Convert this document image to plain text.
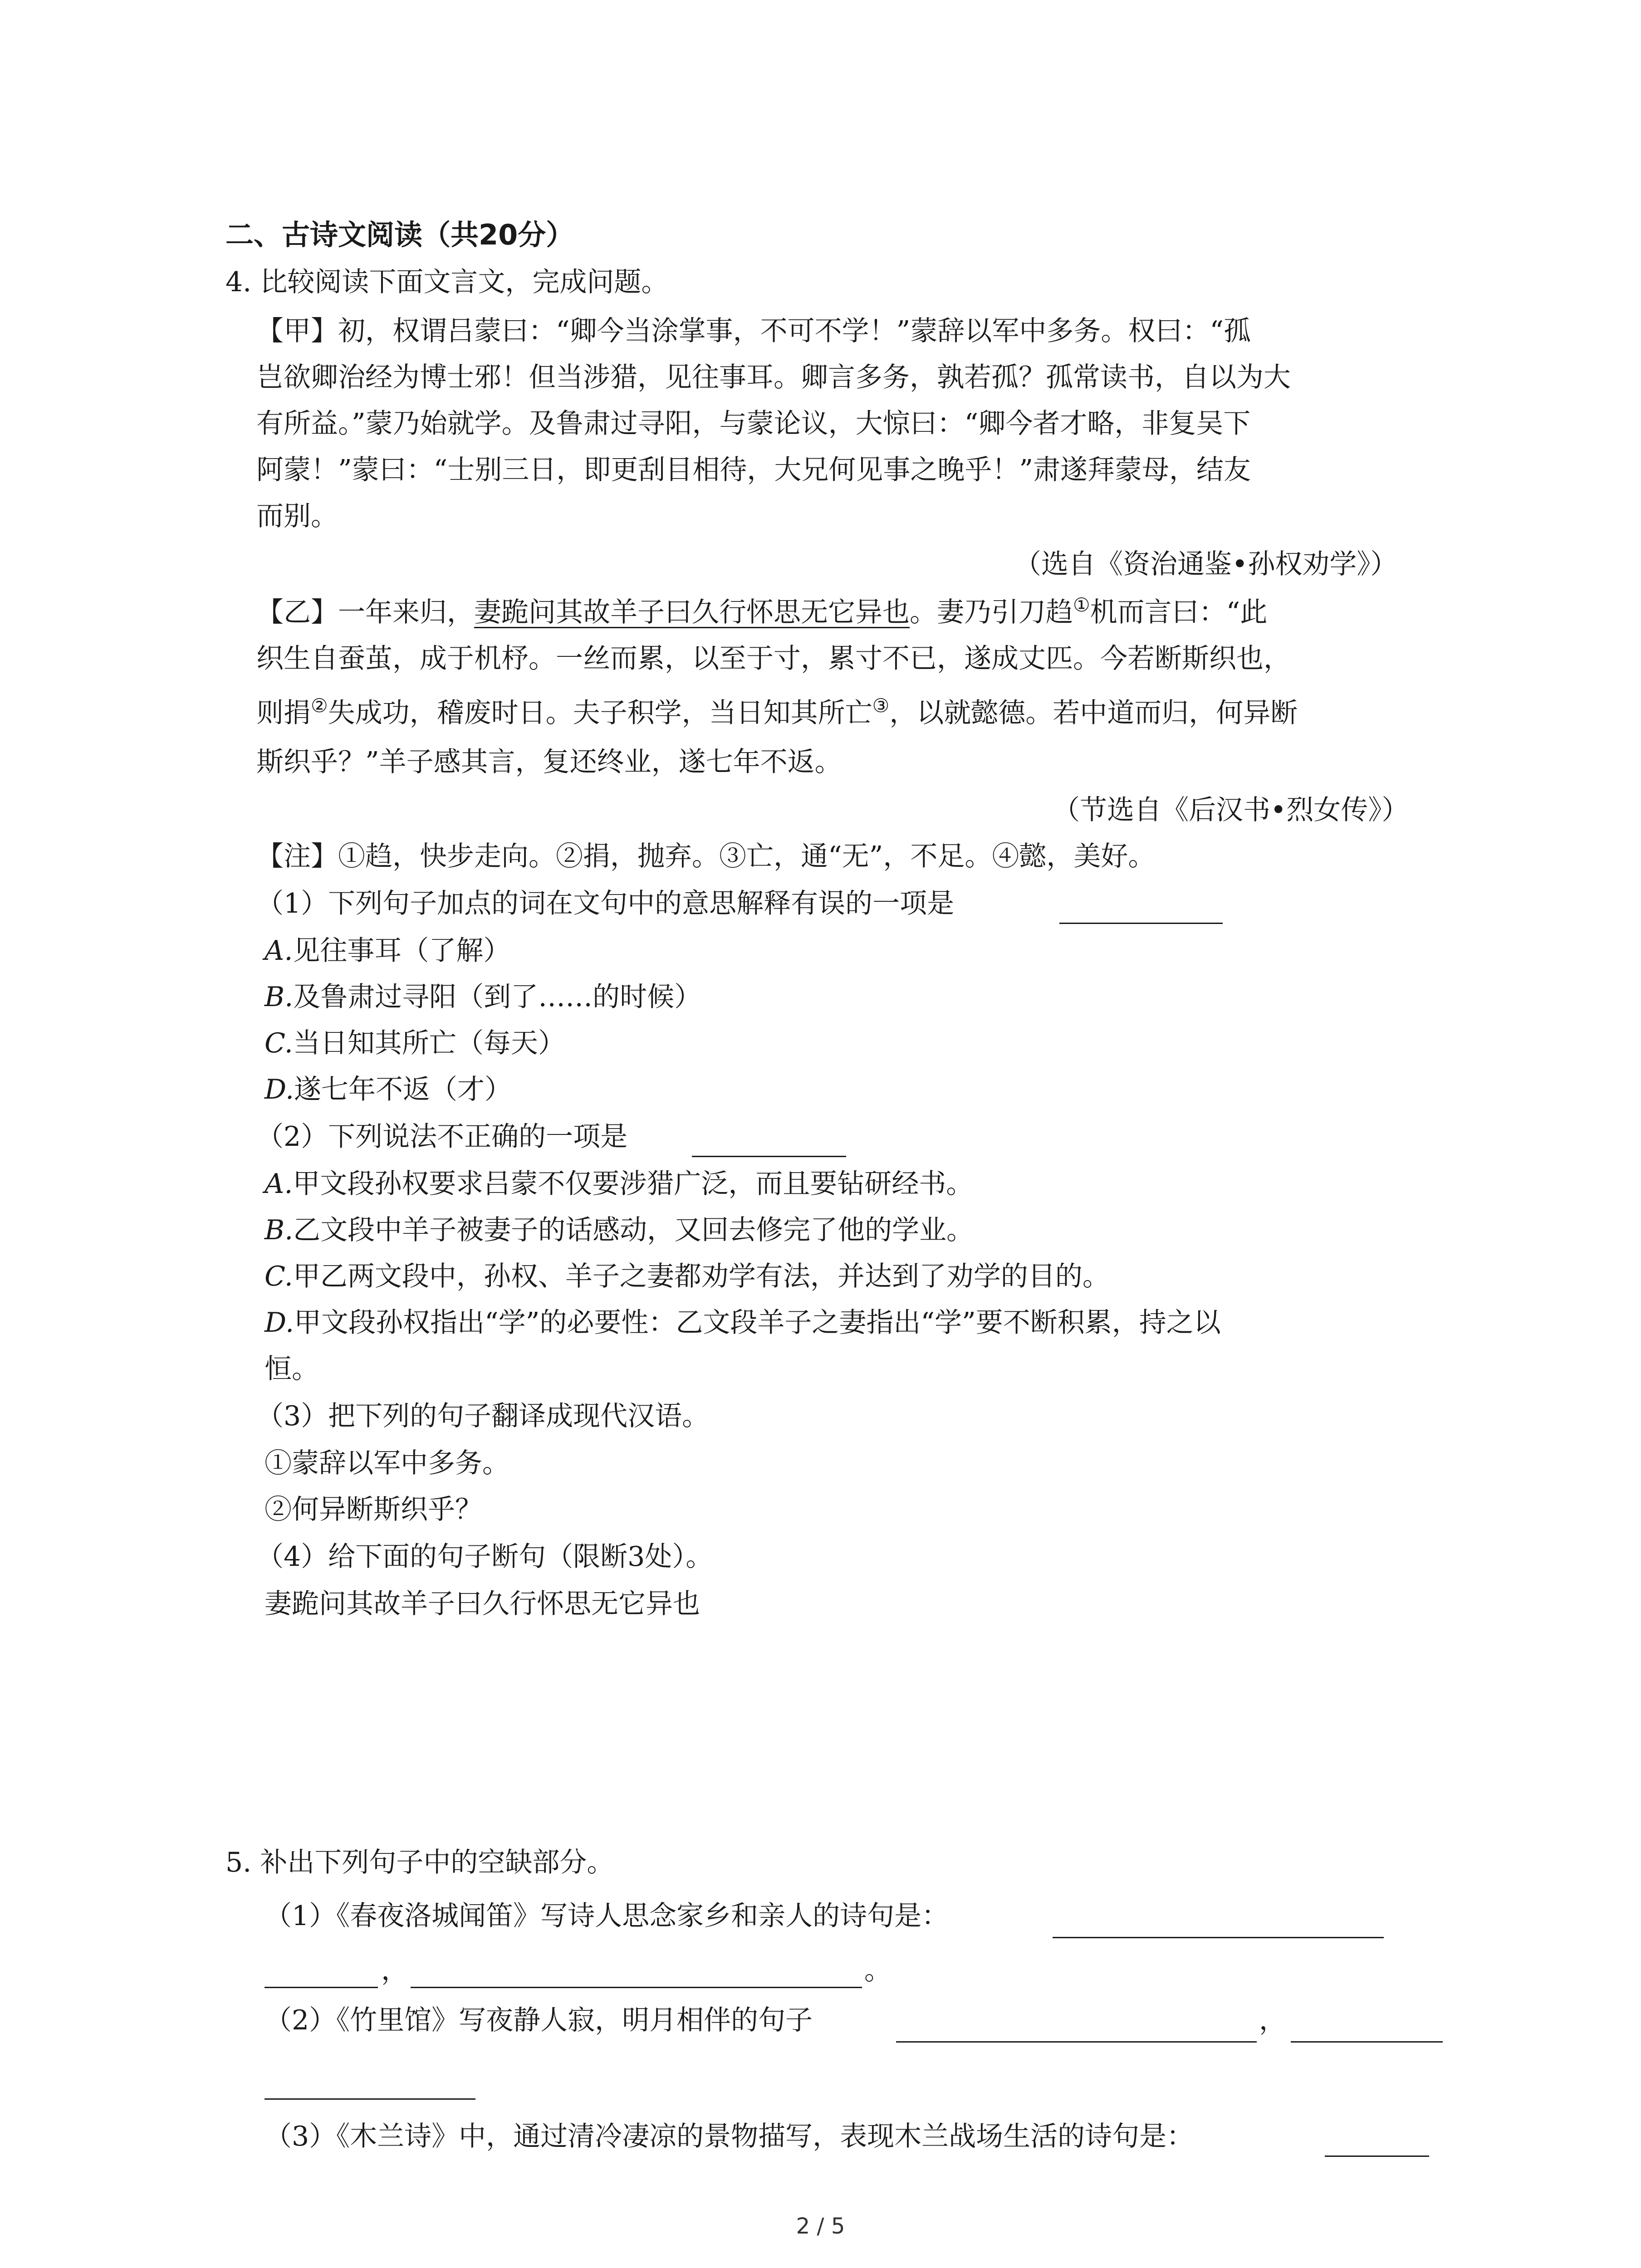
二、古诗文阅读（共20分）
4. 比较阅读下面文言文，完成问题。
【甲】初，权谓吕蒙曰：“卿今当涂掌事，不可不学！”蒙辞以军中多务。权曰：“孤
岂欲卿治经为博士邪！但当涉猎，见往事耳。卿言多务，孰若孤？孤常读书，自以为大
有所益。”蒙乃始就学。及鲁肃过寻阳，与蒙论议，大惊曰：“卿今者才略，非复吴下
阿蒙！”蒙曰：“士别三日，即更刮目相待，大兄何见事之晚乎！”肃遂拜蒙母，结友
而别。
（选自《资治通鉴•孙权劝学》）
【乙】一年来归，妻跪问其故羊子曰久行怀思无它异也。妻乃引刀趋①机而言曰：“此
织生自蚕茧，成于机杼。一丝而累，以至于寸，累寸不已，遂成丈匹。今若断斯织也，
则捐②失成功，稽废时日。夫子积学，当日知其所亡③，以就懿德。若中道而归，何异断
斯织乎？”羊子感其言，复还终业，遂七年不返。
（节选自《后汉书•烈女传》）
【注】①趋，快步走向。②捐，抛弃。③亡，通“无”，不足。④懿，美好。
（1）下列句子加点的词在文句中的意思解释有误的一项是
A.见往事耳（了解）
B.及鲁肃过寻阳（到了……的时候）
C.当日知其所亡（每天）
D.遂七年不返（才）
（2）下列说法不正确的一项是
A.甲文段孙权要求吕蒙不仅要涉猎广泛，而且要钻研经书。
B.乙文段中羊子被妻子的话感动，又回去修完了他的学业。
C.甲乙两文段中，孙权、羊子之妻都劝学有法，并达到了劝学的目的。
D.甲文段孙权指出“学”的必要性：乙文段羊子之妻指出“学”要不断积累，持之以
恒。
（3）把下列的句子翻译成现代汉语。
①蒙辞以军中多务。
②何异断斯织乎？
（4）给下面的句子断句（限断3处）。
妻跪问其故羊子曰久行怀思无它异也
5. 补出下列句子中的空缺部分。
（1）《春夜洛城闻笛》写诗人思念家乡和亲人的诗句是：
，	。
（2）《竹里馆》写夜静人寂，明月相伴的句子	，
（3）《木兰诗》中，通过清冷凄凉的景物描写，表现木兰战场生活的诗句是：
2 / 5
